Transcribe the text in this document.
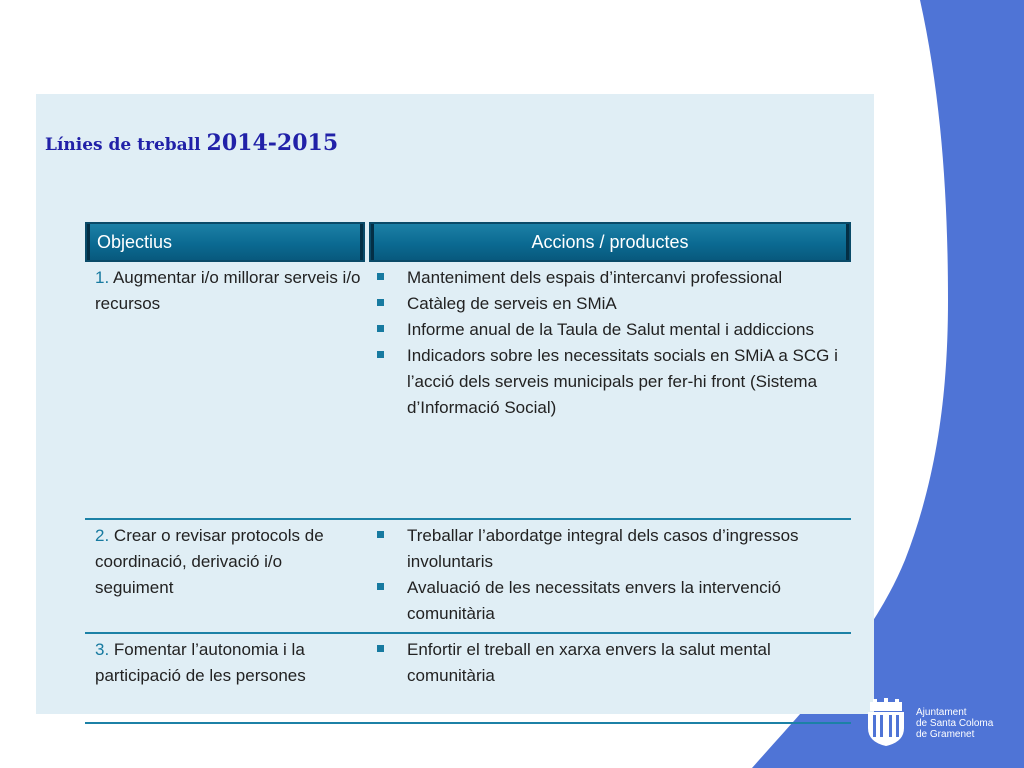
Línies de treball 2014-2015
Objectius	Accions / productes
1. Augmentar i/o millorar serveis i/o recursos
Manteniment dels espais d’intercanvi professional
Catàleg de serveis en SMiA
Informe anual de la Taula de Salut mental i addiccions
Indicadors sobre les necessitats socials en SMiA a SCG i l’acció dels serveis municipals per fer-hi front (Sistema d’Informació Social)
2. Crear o revisar protocols de coordinació, derivació i/o seguiment
Treballar l’abordatge integral dels casos d’ingressos involuntaris
Avaluació de les necessitats envers la intervenció comunitària
3. Fomentar l’autonomia i la participació de les persones
Enfortir el treball en xarxa envers la salut mental comunitària
Ajuntament
de Santa Coloma
de Gramenet
